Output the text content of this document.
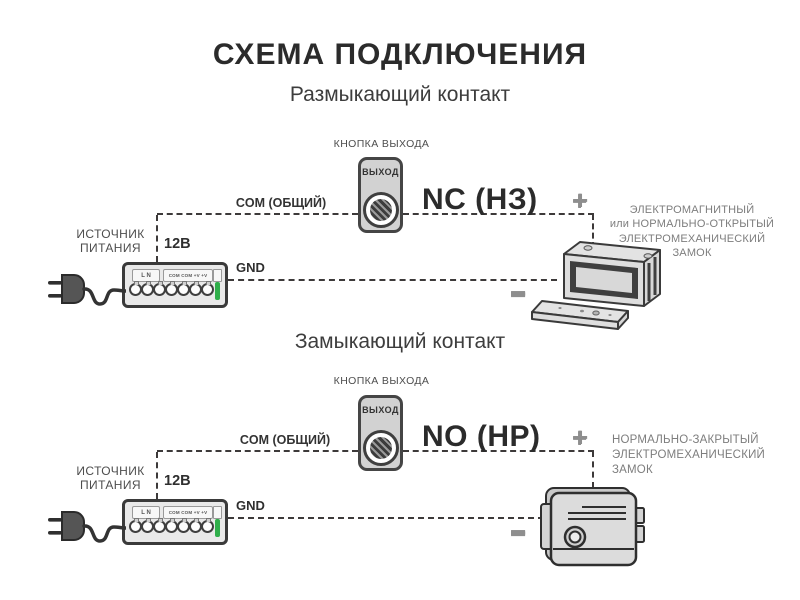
СХЕМА ПОДКЛЮЧЕНИЯ
Размыкающий контакт
КНОПКА ВЫХОДА
COM (ОБЩИЙ)	NC (НЗ)
12В
GND
ИСТОЧНИК ПИТАНИЯ
+
−
ЭЛЕКТРОМАГНИТНЫЙ
или НОРМАЛЬНО-ОТКРЫТЫЙ
ЭЛЕКТРОМЕХАНИЧЕСКИЙ
ЗАМОК
ВЫХОД
L N	COM COM +V +V
Замыкающий контакт
КНОПКА ВЫХОДА
COM (ОБЩИЙ)	NO (НР)
12В
GND
ИСТОЧНИК ПИТАНИЯ
+
−
НОРМАЛЬНО-ЗАКРЫТЫЙ
ЭЛЕКТРОМЕХАНИЧЕСКИЙ
ЗАМОК
ВЫХОД
L N	COM COM +V +V
